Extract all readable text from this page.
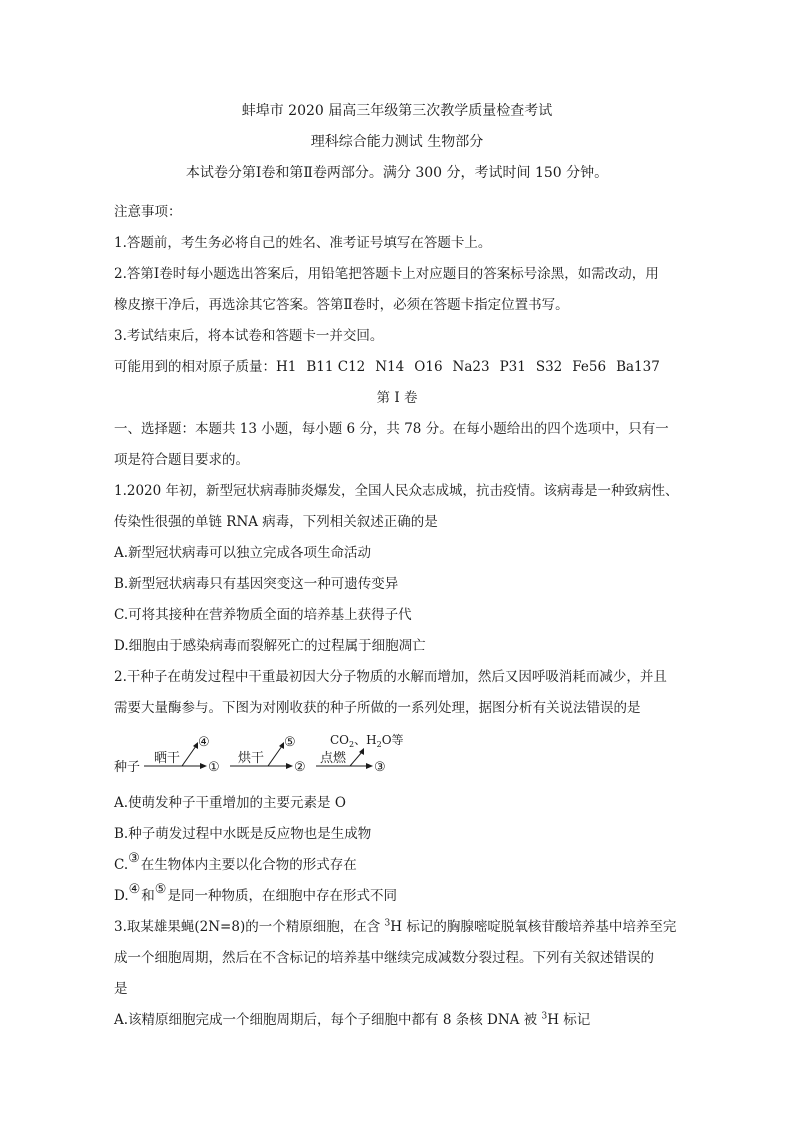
蚌埠市 2020 届高三年级第三次教学质量检查考试
理科综合能力测试 生物部分
本试卷分第Ⅰ卷和第Ⅱ卷两部分。满分 300 分，考试时间 150 分钟。
注意事项：
1.答题前，考生务必将自己的姓名、准考证号填写在答题卡上。
2.答第Ⅰ卷时每小题选出答案后，用铅笔把答题卡上对应题目的答案标号涂黑，如需改动，用
橡皮擦干净后，再选涂其它答案。答第Ⅱ卷时，必须在答题卡指定位置书写。
3.考试结束后，将本试卷和答题卡一并交回。
可能用到的相对原子质量：H1 B11 C12 N14 O16 Na23 P31 S32 Fe56 Ba137
第 I 卷
一、选择题：本题共 13 小题，每小题 6 分，共 78 分。在每小题给出的四个选项中，只有一
项是符合题目要求的。
1.2020 年初，新型冠状病毒肺炎爆发，全国人民众志成城，抗击疫情。该病毒是一种致病性、
传染性很强的单链 RNA 病毒，下列相关叙述正确的是
A.新型冠状病毒可以独立完成各项生命活动
B.新型冠状病毒只有基因突变这一种可遗传变异
C.可将其接种在营养物质全面的培养基上获得子代
D.细胞由于感染病毒而裂解死亡的过程属于细胞凋亡
2.干种子在萌发过程中干重最初因大分子物质的水解而增加，然后又因呼吸消耗而减少，并且
需要大量酶参与。下图为对刚收获的种子所做的一系列处理，据图分析有关说法错误的是
种子
晒干
④
①
烘干
⑤
②
点燃
$CO_2$、$H_2O$等
③
A.使萌发种子干重增加的主要元素是 O
B.种子萌发过程中水既是反应物也是生成物
C.③在生物体内主要以化合物的形式存在
D.④和⑤是同一种物质，在细胞中存在形式不同
3.取某雄果蝇(2N=8)的一个精原细胞，在含 $^3$H 标记的胸腺嘧啶脱氧核苷酸培养基中培养至完
成一个细胞周期，然后在不含标记的培养基中继续完成减数分裂过程。下列有关叙述错误的
是
A.该精原细胞完成一个细胞周期后，每个子细胞中都有 8 条核 DNA 被 $^3$H 标记
